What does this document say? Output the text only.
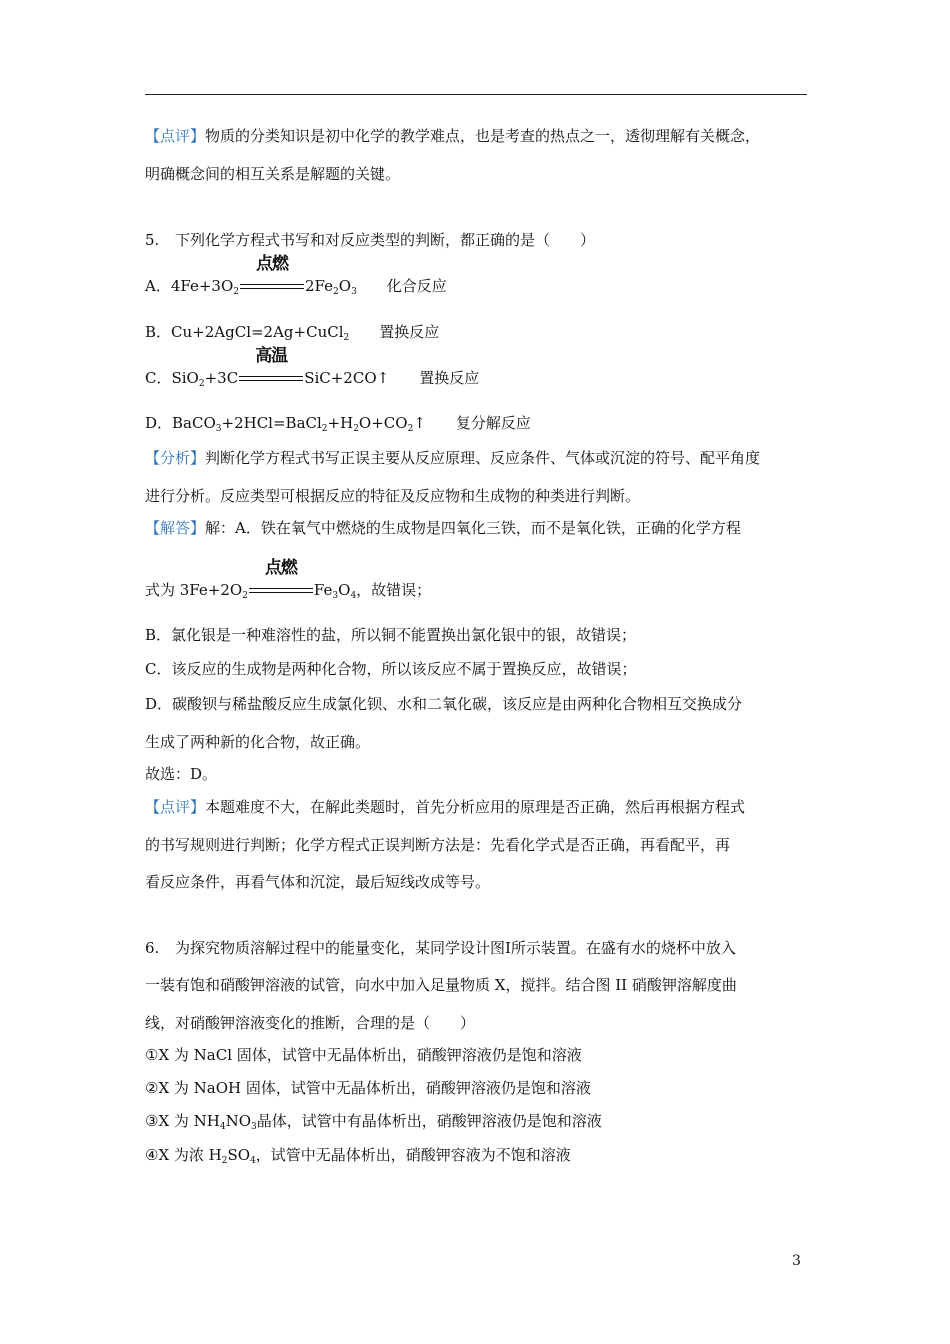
【点评】物质的分类知识是初中化学的教学难点，也是考查的热点之一，透彻理解有关概念，
明确概念间的相互关系是解题的关键。
5. 下列化学方程式书写和对反应类型的判断，都正确的是（　　）
A．$4Fe+3O_2$
点燃
$2Fe_2O_3$ 化合反应
B．Cu+2AgCl=2Ag+CuCl$_2$ 置换反应
C．SiO$_2$+3C
高温
SiC+2CO↑ 置换反应
D．$BaCO_3+2HCl=BaCl_2+H_2O+CO_2↑$ 复分解反应
【分析】判断化学方程式书写正误主要从反应原理、反应条件、气体或沉淀的符号、配平角度
进行分析。反应类型可根据反应的特征及反应物和生成物的种类进行判断。
【解答】解：A．铁在氧气中燃烧的生成物是四氧化三铁，而不是氧化铁，正确的化学方程
式为 $3Fe+2O_2$
点燃
$Fe_3O_4$，故错误；
B．氯化银是一种难溶性的盐，所以铜不能置换出氯化银中的银，故错误；
C．该反应的生成物是两种化合物，所以该反应不属于置换反应，故错误；
D．碳酸钡与稀盐酸反应生成氯化钡、水和二氧化碳，该反应是由两种化合物相互交换成分
生成了两种新的化合物，故正确。
故选：D。
【点评】本题难度不大，在解此类题时，首先分析应用的原理是否正确，然后再根据方程式
的书写规则进行判断；化学方程式正误判断方法是：先看化学式是否正确，再看配平，再
看反应条件，再看气体和沉淀，最后短线改成等号。
6. 为探究物质溶解过程中的能量变化，某同学设计图Ⅰ所示装置。在盛有水的烧杯中放入
一装有饱和硝酸钾溶液的试管，向水中加入足量物质 X，搅拌。结合图 II 硝酸钾溶解度曲
线，对硝酸钾溶液变化的推断，合理的是（　　）
①X 为 NaCl 固体，试管中无晶体析出，硝酸钾溶液仍是饱和溶液
②X 为 NaOH 固体，试管中无晶体析出，硝酸钾溶液仍是饱和溶液
③X 为 $NH_4NO_3$晶体，试管中有晶体析出，硝酸钾溶液仍是饱和溶液
④X 为浓 $H_2SO_4$，试管中无晶体析出，硝酸钾容液为不饱和溶液
3
